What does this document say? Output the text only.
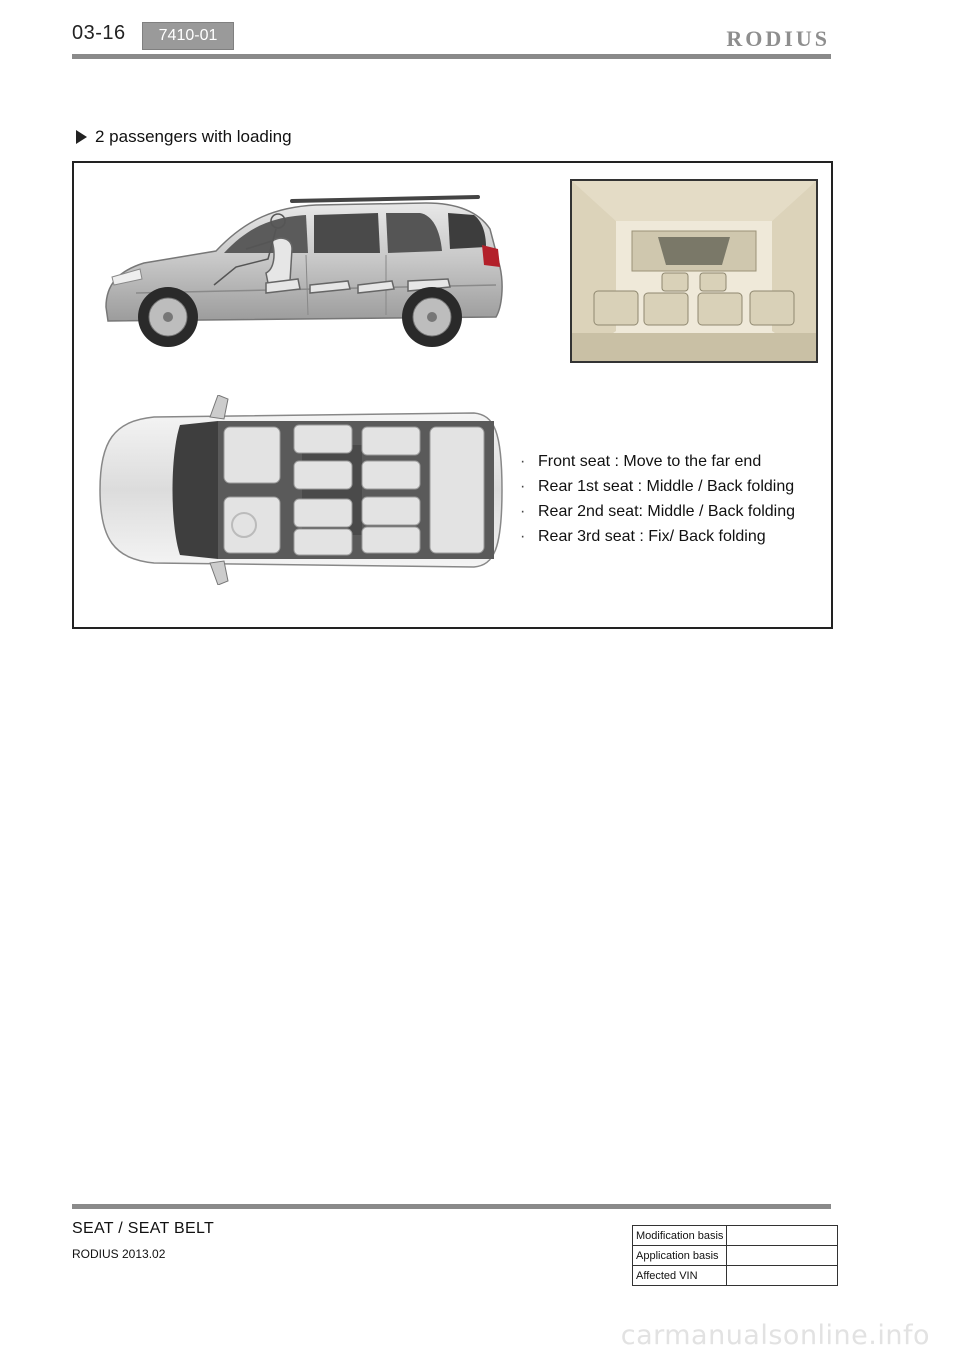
03-16	7410-01	RODIUS
2 passengers with loading
· Front seat : Move to the far end
· Rear 1st seat : Middle / Back folding
· Rear 2nd seat: Middle / Back folding
· Rear 3rd seat : Fix/ Back folding
SEAT / SEAT BELT
RODIUS 2013.02
Modification basis	
Application basis	
Affected VIN	
carmanualsonline.info
